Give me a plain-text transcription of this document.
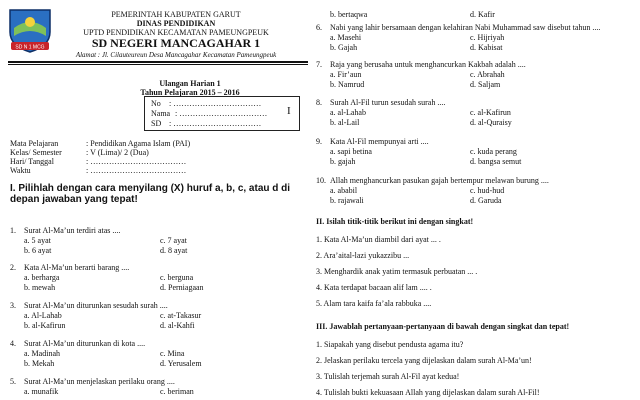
SD N 1 MCG
PEMERINTAH KABUPATEN GARUT
DINAS PENDIDIKAN
UPTD PENDIDIKAN KECAMATAN PAMEUNGPEUK
SD NEGERI MANCAGAHAR 1
Alamat : Jl. Cilauteureun Desa Mancagahar Kecamatan Pameungpeuk
Ulangan Harian 1
Tahun Pelajaran 2015 – 2016
No : ……………………………
Nama : ……………………………
SD : ……………………………
I
Mata Pelajaran	: Pendidikan Agama Islam (PAI)
Kelas/ Semester	: V (Lima)/ 2 (Dua)
Hari/ Tanggal	: ………………………………
Waktu	: ………………………………
I. Pilihlah dengan cara menyilang (X) huruf a, b, c, atau d di depan jawaban yang tepat!
1. Surat Al-Ma’un terdiri atas ....
a. 5 ayat	c. 7 ayat
b. 6 ayat	d. 8 ayat
2. Kata Al-Ma’un berarti barang ....
a. berharga	c. berguna
b. mewah	d. Perniagaan
3. Surat Al-Ma’un diturunkan sesudah surah ....
a. Al-Lahab	c. at-Takasur
b. al-Kafirun	d. al-Kahfi
4. Surat Al-Ma’un diturunkan di kota ....
a. Madinah	c. Mina
b. Mekah	d. Yerusalem
5. Surat Al-Ma’un menjelaskan perilaku orang ....
a. munafik	c. beriman
b. bertaqwa	d. Kafir
6. Nabi yang lahir bersamaan dengan kelahiran Nabi Muhammad saw disebut tahun ....
a. Masehi	c. Hijriyah
b. Gajah	d. Kabisat
7. Raja yang berusaha untuk menghancurkan Kakbah adalah ....
a. Fir’aun	c. Abrahah
b. Namrud	d. Saljam
8. Surah Al-Fil turun sesudah surah ....
a. al-Lahab	c. al-Kafirun
b. al-Lail	d. al-Quraisy
9. Kata Al-Fil mempunyai arti ....
a. sapi betina	c. kuda perang
b. gajah	d. bangsa semut
10. Allah menghancurkan pasukan gajah bertempur melawan burung ....
a. ababil	c. hud-hud
b. rajawali	d. Garuda
II. Isilah titik-titik berikut ini dengan singkat!
1. Kata Al-Ma’un diambil dari ayat ... .
2. Ara’aital-lazi yukazzibu ...
3. Menghardik anak yatim termasuk perbuatan ... .
4. Kata terdapat bacaan alif lam .... .
5. Alam tara kaifa fa’ala rabbuka ....
III. Jawablah pertanyaan-pertanyaan di bawah dengan singkat dan tepat!
1. Siapakah yang disebut pendusta agama itu?
2. Jelaskan perilaku tercela yang dijelaskan dalam surah Al-Ma’un!
3. Tulislah terjemah surah Al-Fil ayat kedua!
4. Tulislah bukti kekuasaan Allah yang dijelaskan dalam surah Al-Fil!
